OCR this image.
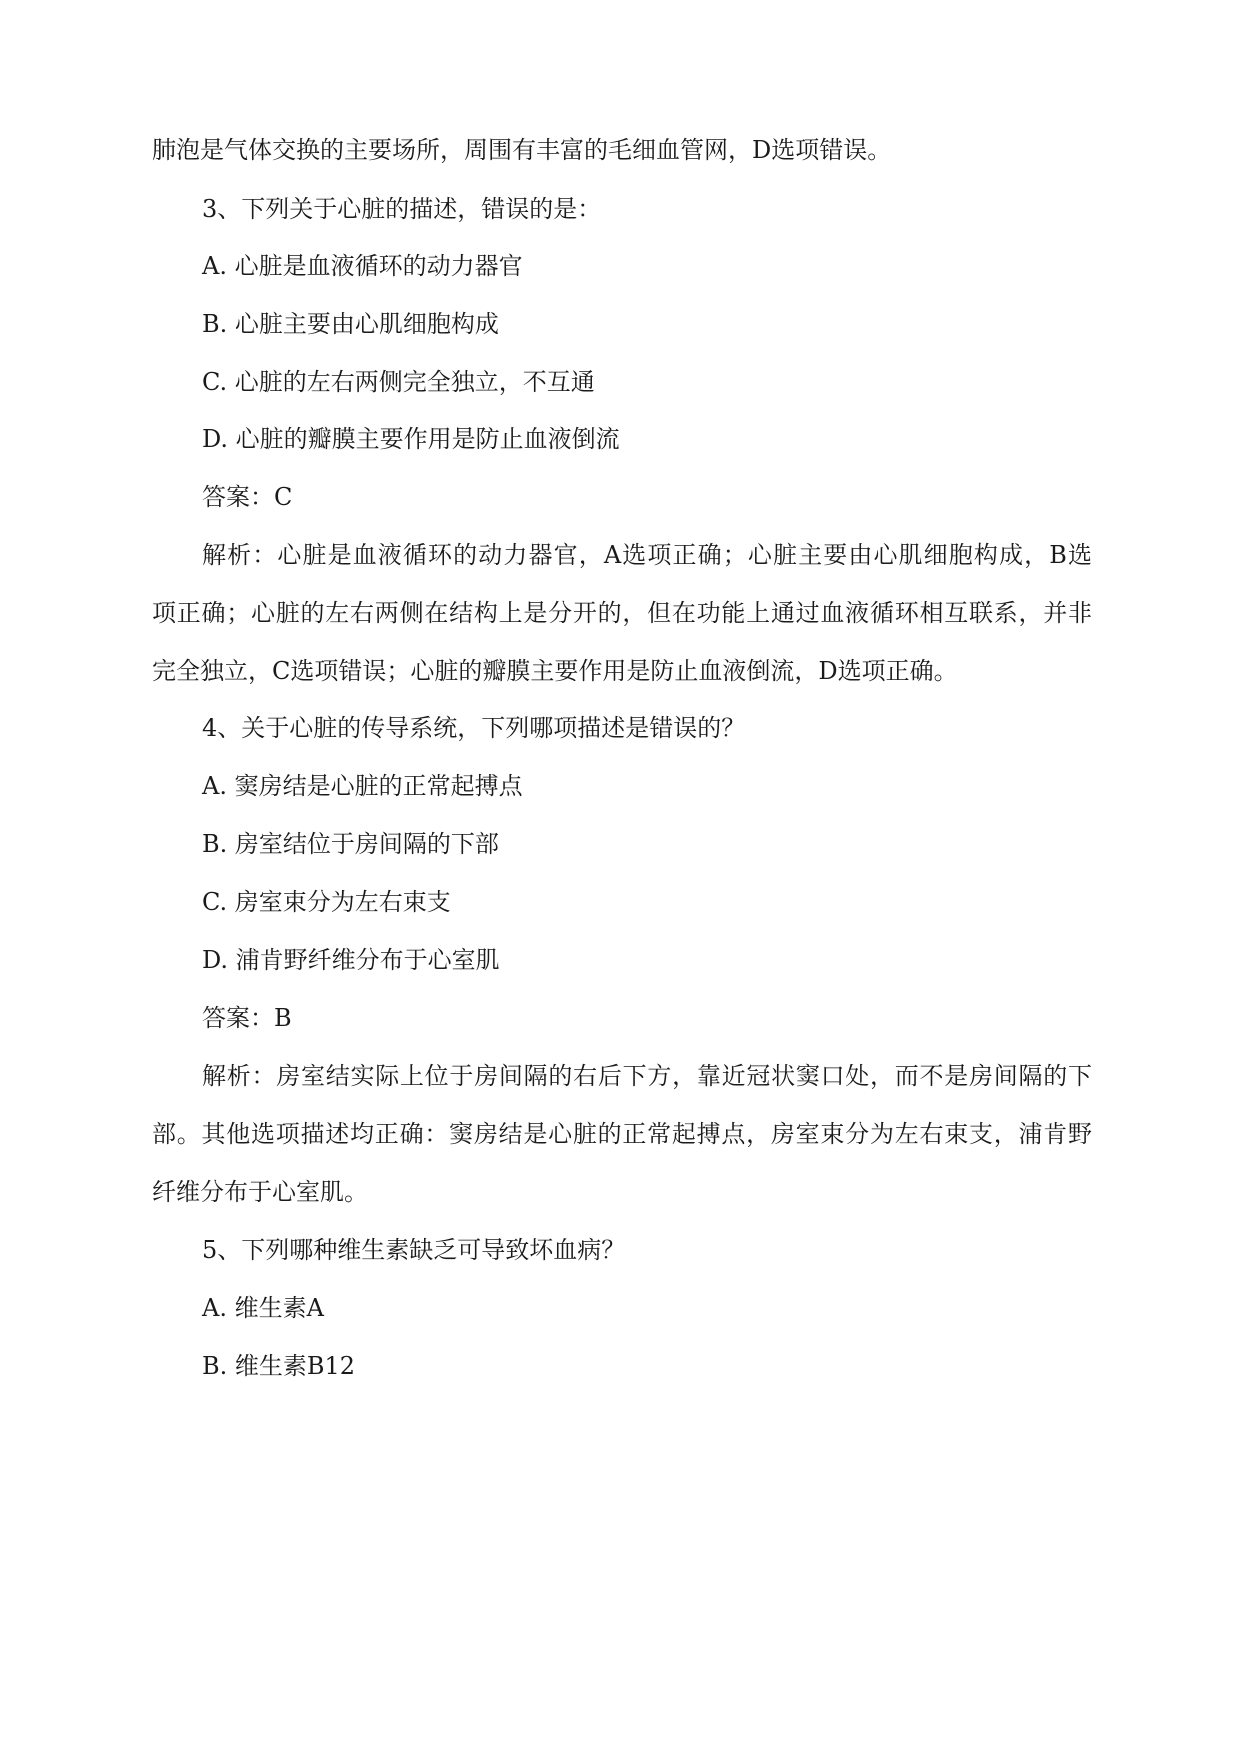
肺泡是气体交换的主要场所，周围有丰富的毛细血管网，D选项错误。
3、下列关于心脏的描述，错误的是：
A. 心脏是血液循环的动力器官
B. 心脏主要由心肌细胞构成
C. 心脏的左右两侧完全独立，不互通
D. 心脏的瓣膜主要作用是防止血液倒流
答案：C
解析：心脏是血液循环的动力器官，A选项正确；心脏主要由心肌细胞构成，B选
项正确；心脏的左右两侧在结构上是分开的，但在功能上通过血液循环相互联系，并非
完全独立，C选项错误；心脏的瓣膜主要作用是防止血液倒流，D选项正确。
4、关于心脏的传导系统，下列哪项描述是错误的？
A. 窦房结是心脏的正常起搏点
B. 房室结位于房间隔的下部
C. 房室束分为左右束支
D. 浦肯野纤维分布于心室肌
答案：B
解析：房室结实际上位于房间隔的右后下方，靠近冠状窦口处，而不是房间隔的下
部。其他选项描述均正确：窦房结是心脏的正常起搏点，房室束分为左右束支，浦肯野
纤维分布于心室肌。
5、下列哪种维生素缺乏可导致坏血病？
A. 维生素A
B. 维生素B12
